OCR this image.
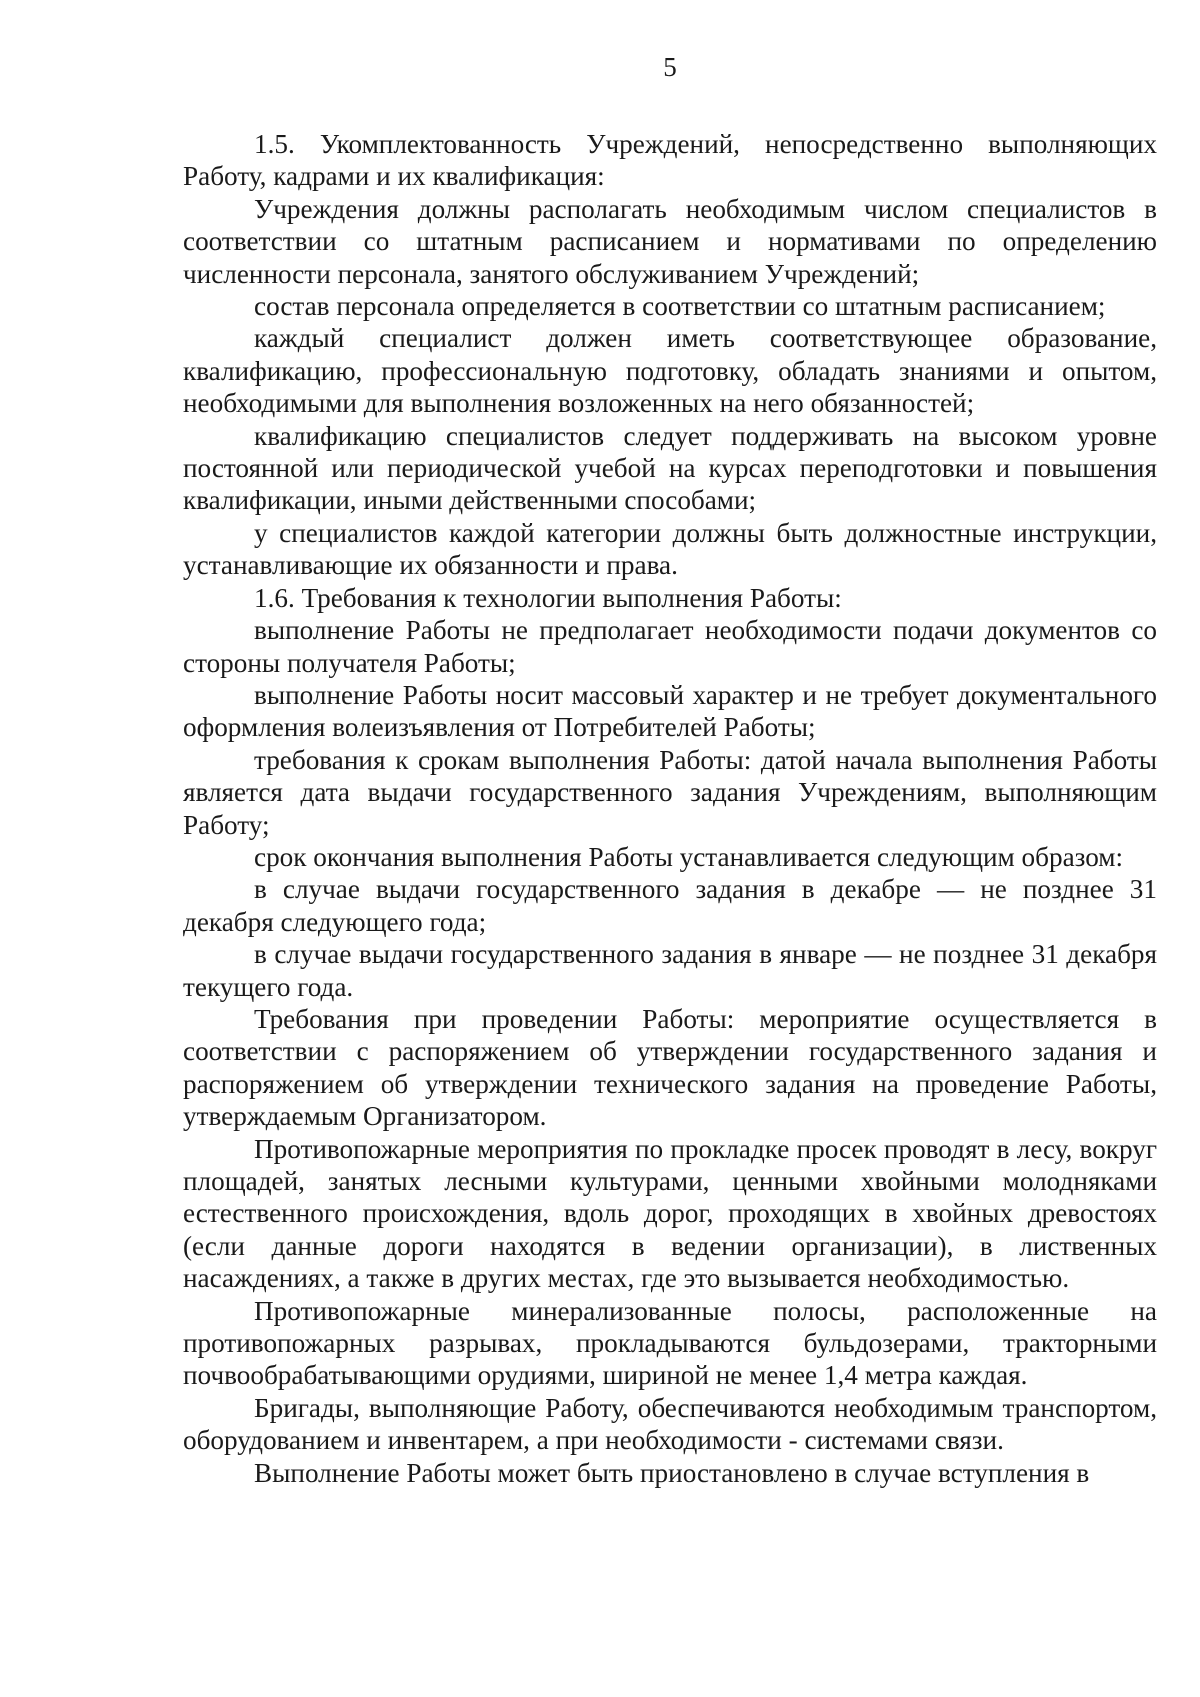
5

1.5. Укомплектованность Учреждений, непосредственно выполняющих Работу, кадрами и их квалификация:

Учреждения должны располагать необходимым числом специалистов в соответствии со штатным расписанием и нормативами по определению численности персонала, занятого обслуживанием Учреждений;

состав персонала определяется в соответствии со штатным расписанием;

каждый специалист должен иметь соответствующее образование, квалификацию, профессиональную подготовку, обладать знаниями и опытом, необходимыми для выполнения возложенных на него обязанностей;

квалификацию специалистов следует поддерживать на высоком уровне постоянной или периодической учебой на курсах переподготовки и повышения квалификации, иными действенными способами;

у специалистов каждой категории должны быть должностные инструкции, устанавливающие их обязанности и права.

1.6. Требования к технологии выполнения Работы:

выполнение Работы не предполагает необходимости подачи документов со стороны получателя Работы;

выполнение Работы носит массовый характер и не требует документального оформления волеизъявления от Потребителей Работы;

требования к срокам выполнения Работы: датой начала выполнения Работы является дата выдачи государственного задания Учреждениям, выполняющим Работу;

срок окончания выполнения Работы устанавливается следующим образом:

в случае выдачи государственного задания в декабре — не позднее 31 декабря следующего года;

в случае выдачи государственного задания в январе — не позднее 31 декабря текущего года.

Требования при проведении Работы: мероприятие осуществляется в соответствии с распоряжением об утверждении государственного задания и распоряжением об утверждении технического задания на проведение Работы, утверждаемым Организатором.

Противопожарные мероприятия по прокладке просек проводят в лесу, вокруг площадей, занятых лесными культурами, ценными хвойными молодняками естественного происхождения, вдоль дорог, проходящих в хвойных древостоях (если данные дороги находятся в ведении организации), в лиственных насаждениях, а также в других местах, где это вызывается необходимостью.

Противопожарные минерализованные полосы, расположенные на противопожарных разрывах, прокладываются бульдозерами, тракторными почвообрабатывающими орудиями, шириной не менее 1,4 метра каждая.

Бригады, выполняющие Работу, обеспечиваются необходимым транспортом, оборудованием и инвентарем, а при необходимости - системами связи.

Выполнение Работы может быть приостановлено в случае вступления в
